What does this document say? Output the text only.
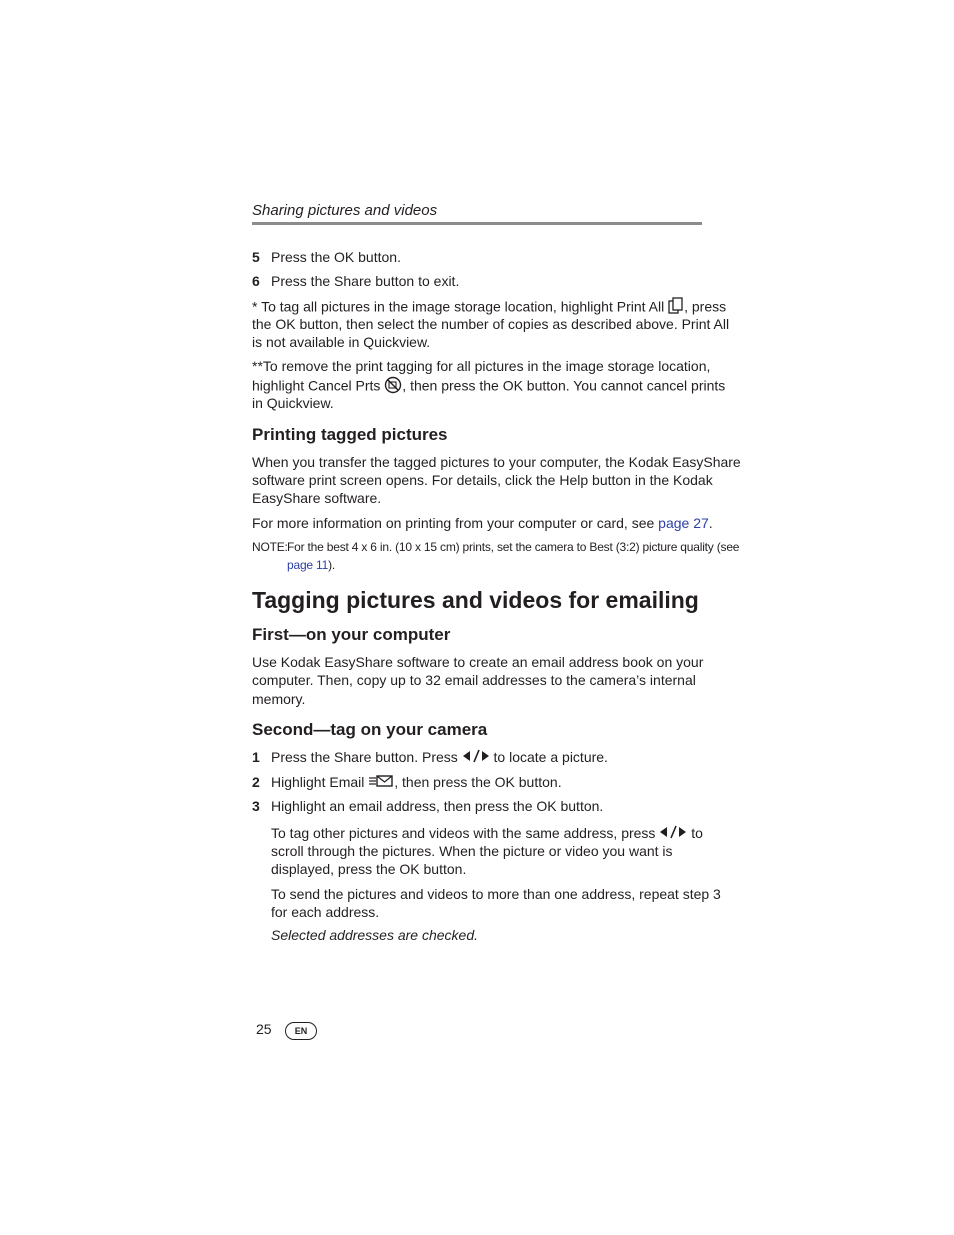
Sharing pictures and videos
5 Press the OK button.
6 Press the Share button to exit.
* To tag all pictures in the image storage location, highlight Print All , press
the OK button, then select the number of copies as described above. Print All
is not available in Quickview.
**To remove the print tagging for all pictures in the image storage location,
highlight Cancel Prts , then press the OK button. You cannot cancel prints
in Quickview.
Printing tagged pictures
When you transfer the tagged pictures to your computer, the Kodak EasyShare
software print screen opens. For details, click the Help button in the Kodak
EasyShare software.
For more information on printing from your computer or card, see page 27.
NOTE: For the best 4 x 6 in. (10 x 15 cm) prints, set the camera to Best (3:2) picture quality (see
page 11).
Tagging pictures and videos for emailing
First—on your computer
Use Kodak EasyShare software to create an email address book on your
computer. Then, copy up to 32 email addresses to the camera’s internal
memory.
Second—tag on your camera
1 Press the Share button. Press	to locate a picture.
2 Highlight Email , then press the OK button.
3 Highlight an email address, then press the OK button.
To tag other pictures and videos with the same address, press	to
scroll through the pictures. When the picture or video you want is
displayed, press the OK button.
To send the pictures and videos to more than one address, repeat step 3
for each address.
Selected addresses are checked.
25	EN
